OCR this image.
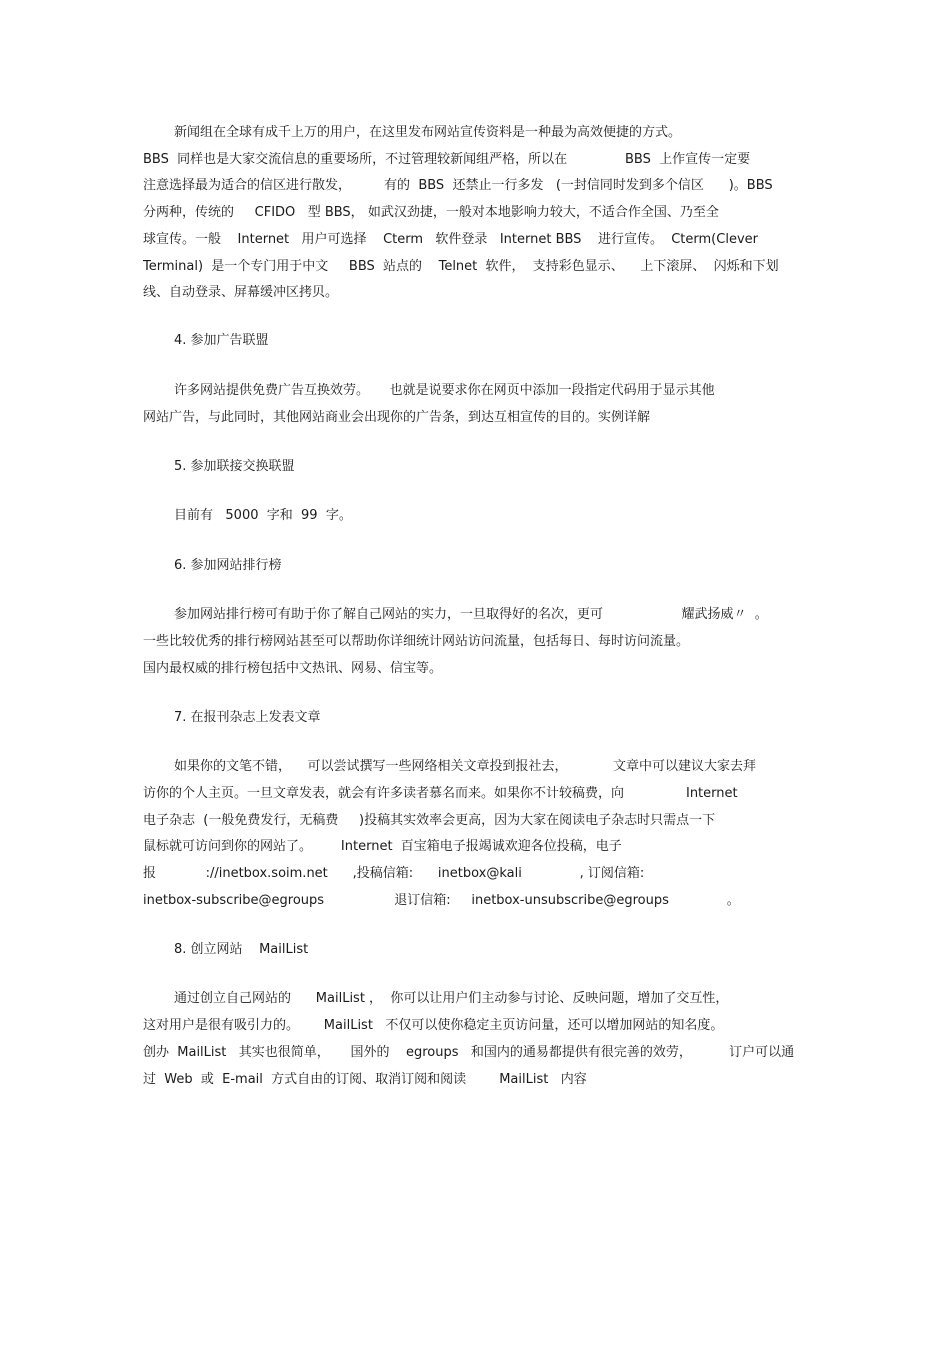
新闻组在全球有成千上万的用户，在这里发布网站宣传资料是一种最为高效便捷的方式。
BBS  同样也是大家交流信息的重要场所，不过管理较新闻组严格，所以在              BBS  上作宣传一定要
注意选择最为适合的信区进行散发，        有的  BBS  还禁止一行多发   (一封信同时发到多个信区      )。BBS
分两种，传统的     CFIDO   型 BBS， 如武汉劲捷，一般对本地影响力较大，不适合作全国、乃至全
球宣传。一般    Internet   用户可选择    Cterm   软件登录   Internet BBS    进行宣传。  Cterm(Clever
Terminal)  是一个专门用于中文     BBS  站点的    Telnet  软件，  支持彩色显示、    上下滚屏、  闪烁和下划
线、自动登录、屏幕缓冲区拷贝。
4. 参加广告联盟
许多网站提供免费广告互换效劳。     也就是说要求你在网页中添加一段指定代码用于显示其他
网站广告，与此同时，其他网站商业会出现你的广告条，到达互相宣传的目的。实例详解
5. 参加联接交换联盟
目前有   5000  字和  99  字。
6. 参加网站排行榜
参加网站排行榜可有助于你了解自己网站的实力，一旦取得好的名次，更可                   耀武扬威〃  。
一些比较优秀的排行榜网站甚至可以帮助你详细统计网站访问流量，包括每日、每时访问流量。
国内最权威的排行榜包括中文热讯、网易、信宝等。
7. 在报刊杂志上发表文章
如果你的文笔不错，    可以尝试撰写一些网络相关文章投到报社去，           文章中可以建议大家去拜
访你的个人主页。一旦文章发表，就会有许多读者慕名而来。如果你不计较稿费，向               Internet
电子杂志  (一般免费发行，无稿费     )投稿其实效率会更高，因为大家在阅读电子杂志时只需点一下
鼠标就可访问到你的网站了。       Internet  百宝箱电子报竭诚欢迎各位投稿，电子
报            ://inetbox.soim.net      ,投稿信箱:      inetbox@kali              , 订阅信箱:
inetbox-subscribe@egroups                 退订信箱:     inetbox-unsubscribe@egroups              。
8. 创立网站    MailList
通过创立自己网站的      MailList ，  你可以让用户们主动参与讨论、反映问题，增加了交互性，
这对用户是很有吸引力的。      MailList   不仅可以使你稳定主页访问量，还可以增加网站的知名度。
创办  MailList   其实也很简单，     国外的    egroups   和国内的通易都提供有很完善的效劳，         订户可以通
过  Web  或  E-mail  方式自由的订阅、取消订阅和阅读        MailList   内容
